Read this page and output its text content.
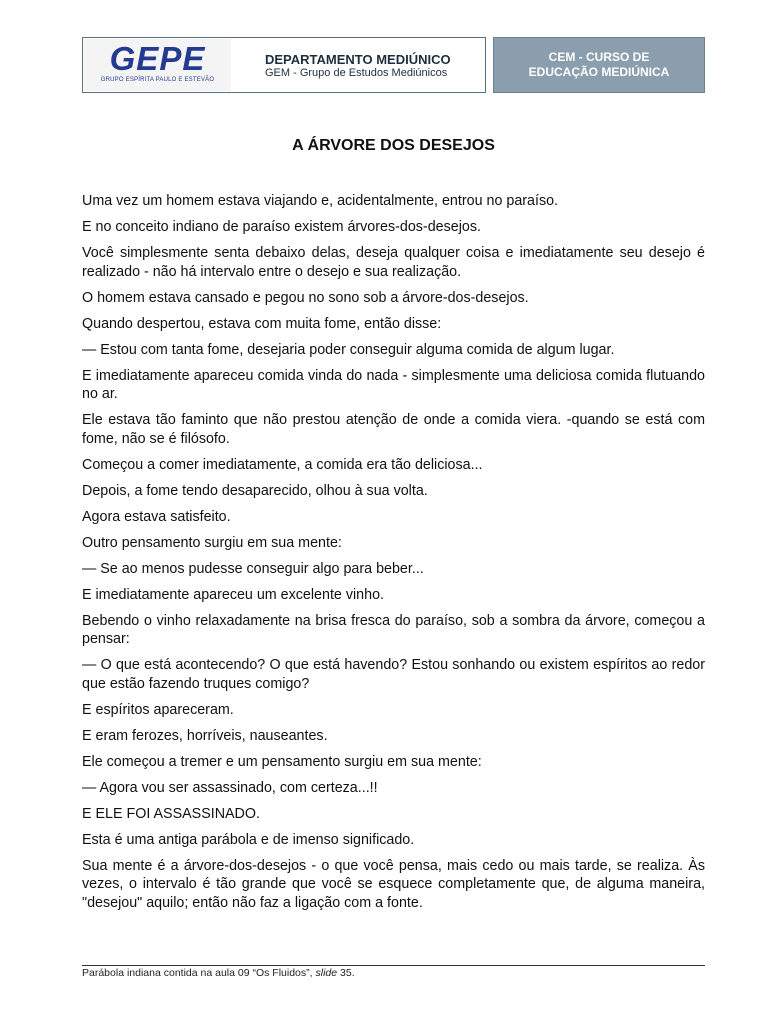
GEPE
GRUPO ESPÍRITA PAULO E ESTEVÃO
DEPARTAMENTO MEDIÚNICO
GEM - Grupo de Estudos Mediúnicos
CEM - CURSO DE
EDUCAÇÃO MEDIÚNICA
A ÁRVORE DOS DESEJOS

Uma vez um homem estava viajando e, acidentalmente, entrou no paraíso.

E no conceito indiano de paraíso existem árvores-dos-desejos.

Você simplesmente senta debaixo delas, deseja qualquer coisa e imediatamente seu desejo é realizado - não há intervalo entre o desejo e sua realização.

O homem estava cansado e pegou no sono sob a árvore-dos-desejos.

Quando despertou, estava com muita fome, então disse:

— Estou com tanta fome, desejaria poder conseguir alguma comida de algum lugar.

E imediatamente apareceu comida vinda do nada - simplesmente uma deliciosa comida flutuando no ar.

Ele estava tão faminto que não prestou atenção de onde a comida viera. -quando se está com fome, não se é filósofo.

Começou a comer imediatamente, a comida era tão deliciosa...

Depois, a fome tendo desaparecido, olhou à sua volta.

Agora estava satisfeito.

Outro pensamento surgiu em sua mente:

— Se ao menos pudesse conseguir algo para beber...

E imediatamente apareceu um excelente vinho.

Bebendo o vinho relaxadamente na brisa fresca do paraíso, sob a sombra da árvore, começou a pensar:

— O que está acontecendo? O que está havendo? Estou sonhando ou existem espíritos ao redor que estão fazendo truques comigo?

E espíritos apareceram.

E eram ferozes, horríveis, nauseantes.

Ele começou a tremer e um pensamento surgiu em sua mente:

— Agora vou ser assassinado, com certeza...!!

E ELE FOI ASSASSINADO.

Esta é uma antiga parábola e de imenso significado.

Sua mente é a árvore-dos-desejos - o que você pensa, mais cedo ou mais tarde, se realiza. Às vezes, o intervalo é tão grande que você se esquece completamente que, de alguma maneira, "desejou" aquilo; então não faz a ligação com a fonte.

Parábola indiana contida na aula 09 “Os Fluidos”, slide 35.
